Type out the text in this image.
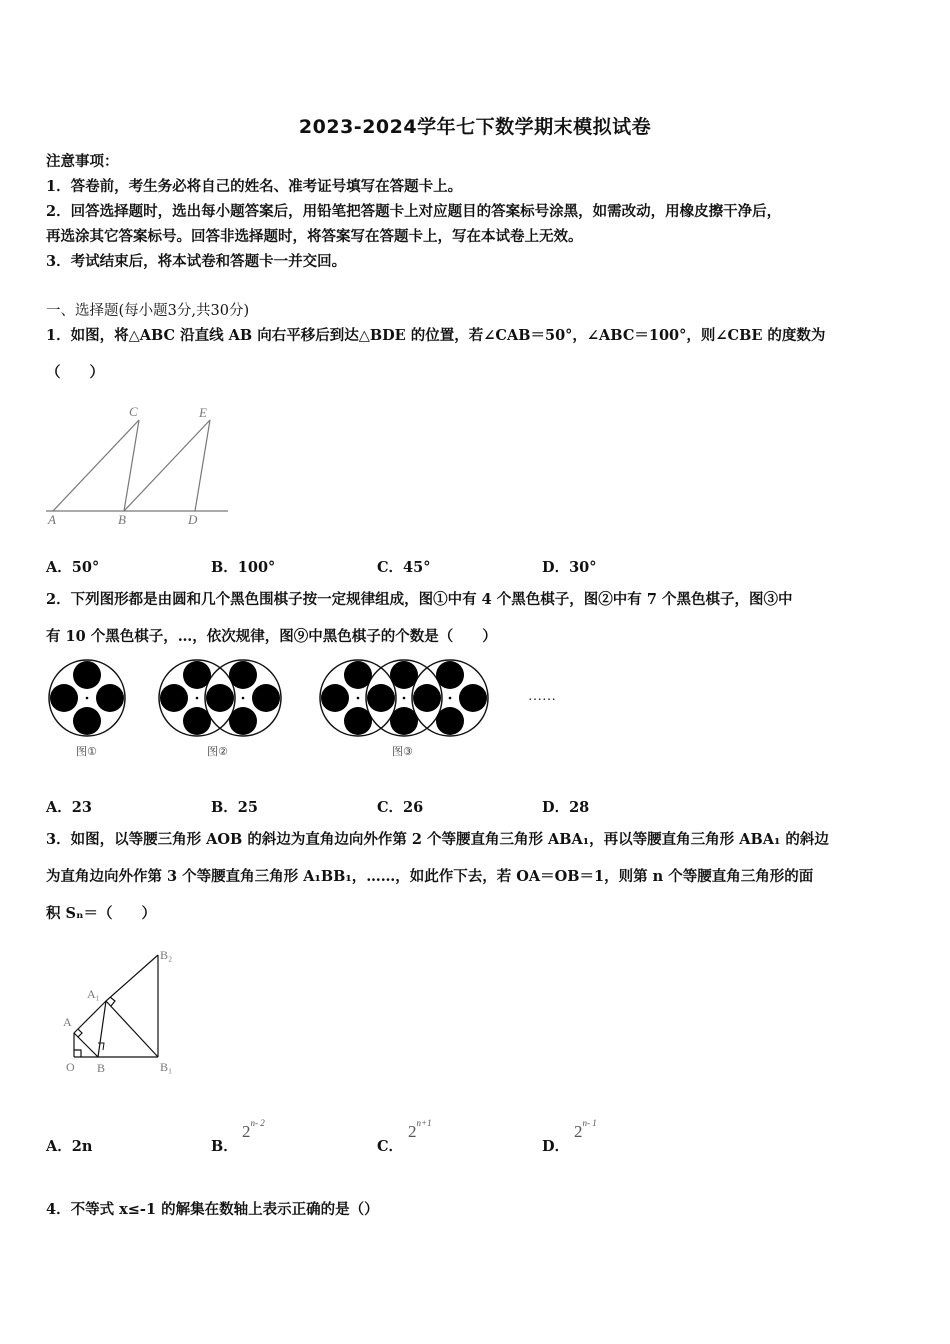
2023-2024学年七下数学期末模拟试卷
注意事项：
1．答卷前，考生务必将自己的姓名、准考证号填写在答题卡上。
2．回答选择题时，选出每小题答案后，用铅笔把答题卡上对应题目的答案标号涂黑，如需改动，用橡皮擦干净后，
再选涂其它答案标号。回答非选择题时，将答案写在答题卡上，写在本试卷上无效。
3．考试结束后，将本试卷和答题卡一并交回。
一、选择题(每小题3分,共30分)
1．如图，将△ABC 沿直线 AB 向右平移后到达△BDE 的位置，若∠CAB＝50°，∠ABC＝100°，则∠CBE 的度数为
（　　）
A	B
C
D
E
A．50°	B．100°	C．45°	D．30°
2．下列图形都是由圆和几个黑色围棋子按一定规律组成，图①中有 4 个黑色棋子，图②中有 7 个黑色棋子，图③中
有 10 个黑色棋子，…，依次规律，图⑨中黑色棋子的个数是（　　）
……
图①	图②	图③
A．23	B．25	C．26	D．28
3．如图，以等腰三角形 AOB 的斜边为直角边向外作第 2 个等腰直角三角形 ABA₁，再以等腰直角三角形 ABA₁ 的斜边
为直角边向外作第 3 个等腰直角三角形 A₁BB₁，……，如此作下去，若 OA＝OB＝1，则第 n 个等腰直角三角形的面
积 Sₙ＝（　　）
B₂
A₁
A
O B	B₁
A．2n	B．
2$^{n- 2}$
C．
$2^{n+1}$
D．
2$^{n- 1}$
4．不等式 x≤-1 的解集在数轴上表示正确的是（）
